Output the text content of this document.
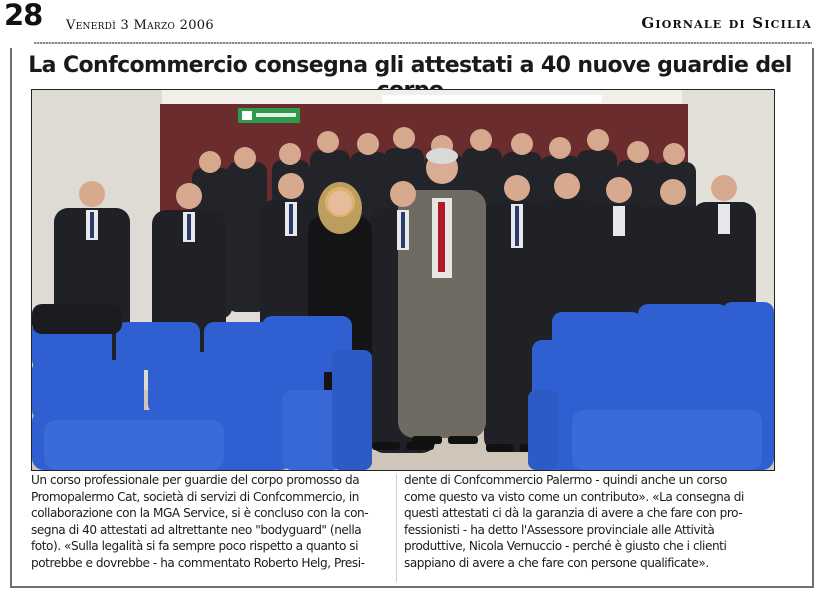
28 Venerdì 3 Marzo 2006	Giornale di Sicilia
La Confcommercio consegna gli attestati a 40 nuove guardie del
Un corso professionale per guardie del corpo promosso da
Promopalermo Cat, società di servizi di Confcommercio, in
collaborazione con la MGA Service, si è concluso con la con-
segna di 40 attestati ad altrettante neo "bodyguard" (nella
foto). «Sulla legalità si fa sempre poco rispetto a quanto si
potrebbe e dovrebbe - ha commentato Roberto Helg, Presi-
dente di Confcommercio Palermo - quindi anche un corso
come questo va visto come un contributo». «La consegna di
questi attestati ci dà la garanzia di avere a che fare con pro-
fessionisti - ha detto l'Assessore provinciale alle Attività
produttive, Nicola Vernuccio - perché è giusto che i clienti
sappiano di avere a che fare con persone qualificate».
